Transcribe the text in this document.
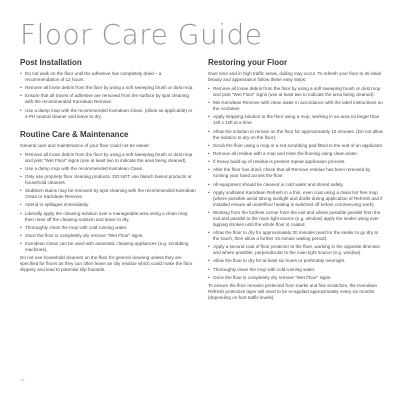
Floor Care Guide
Post Installation
• Do not walk on the floor until the adhesive has completely dried – a recommendation of 12 hours.
• Remove all loose debris from the floor by using a soft sweeping brush or dust mop.
• Ensure that all traces of adhesive are removed from the surface by spot cleaning with the recommended Karndean Remove.
• Use a damp mop with the recommended Karndean Clean, (dilute as applicable) or a PH neutral cleaner and leave to dry.
Routine Care & Maintenance

General care and maintenance of your floor could not be easier:

• Remove all loose debris from the floor by using a soft sweeping brush or dust mop and post "Wet Floor" signs (use at least two to indicate the area being cleaned).
• Use a damp mop with the recommended Karndean Clean.
• Only use propriety floor cleaning products. DO NOT use bleach based products or household cleaners.
• Stubborn stains may be removed by spot cleaning with the recommended Karndean Clean or Karndean Remove.
• Attend to spillages immediately.
• Liberally apply the cleaning solution over a manageable area using a clean mop, then rinse off the cleaning solution and leave to dry.
• Thoroughly clean the mop with cold running water.
• Once the floor is completely dry remove "Wet Floor" signs.
• Karndean Clean can be used with automatic cleaning appliances (e.g. scrubbing machines).

Do not use household cleaners on the floor for general cleaning unless they are specified for floors as they can often leave an oily residue which could make the floor slippery and lead to potential slip hazards.

Restoring your Floor

Over time and in high traffic areas, dulling may occur. To refresh your floor to its initial beauty and appearance follow these easy steps:

• Remove all loose debris from the floor by using a soft sweeping brush or dust mop and post "Wet Floor" signs (use at least two to indicate the area being cleaned).
• Mix Karndean Remove with clean water in accordance with the label instructions on the container.
• Apply stripping solution to the floor using a mop, working in an area no larger than 1sft x 1sft at a time.
• Allow the solution to remain on the floor for approximately 10 minutes. (Do not allow the solution to dry on the floor).
• Scrub the floor using a mop or a red scrubbing pad fitted to the end of an applicator.
• Remove all residue with a mop and rinse the flooring using clean water.
• If heavy build-up of residue is present repeat application process.
• After the floor has dried, check that all Remove residue has been removed by running your hand across the floor.
• All equipment should be cleaned in cold water and stored safely.
• Apply undiluted Karndean Refresh in a thin, even coat using a clean lint free mop (where possible avoid strong sunlight and drafts during application of Refresh and if installed ensure all underfloor heating is switched off before commencing work).
• Working from the furthest corner from the exit and where possible parallel from the exit and parallel to the main light source (e.g. window) apply the sealer using over lapping strokes until the whole floor is coated.
• Allow the floor to dry for approximately 30 minutes (wait for the sealer to go dry to the touch, then allow a further 15 minute waiting period).
• Apply a second coat of floor protector to the floor, working in the opposite direction and where possible, perpendicular to the main light source (e.g. window).
• Allow the floor to dry for at least six hours or preferably overnight.
• Thoroughly clean the mop with cold running water.
• Once the floor is completely dry remove "Wet Floor" signs.

To ensure the floor remains protected from marks and fine scratches, the Karndean Refresh protective layer will need to be re-applied approximately every six months (depending on foot traffic levels).

16
